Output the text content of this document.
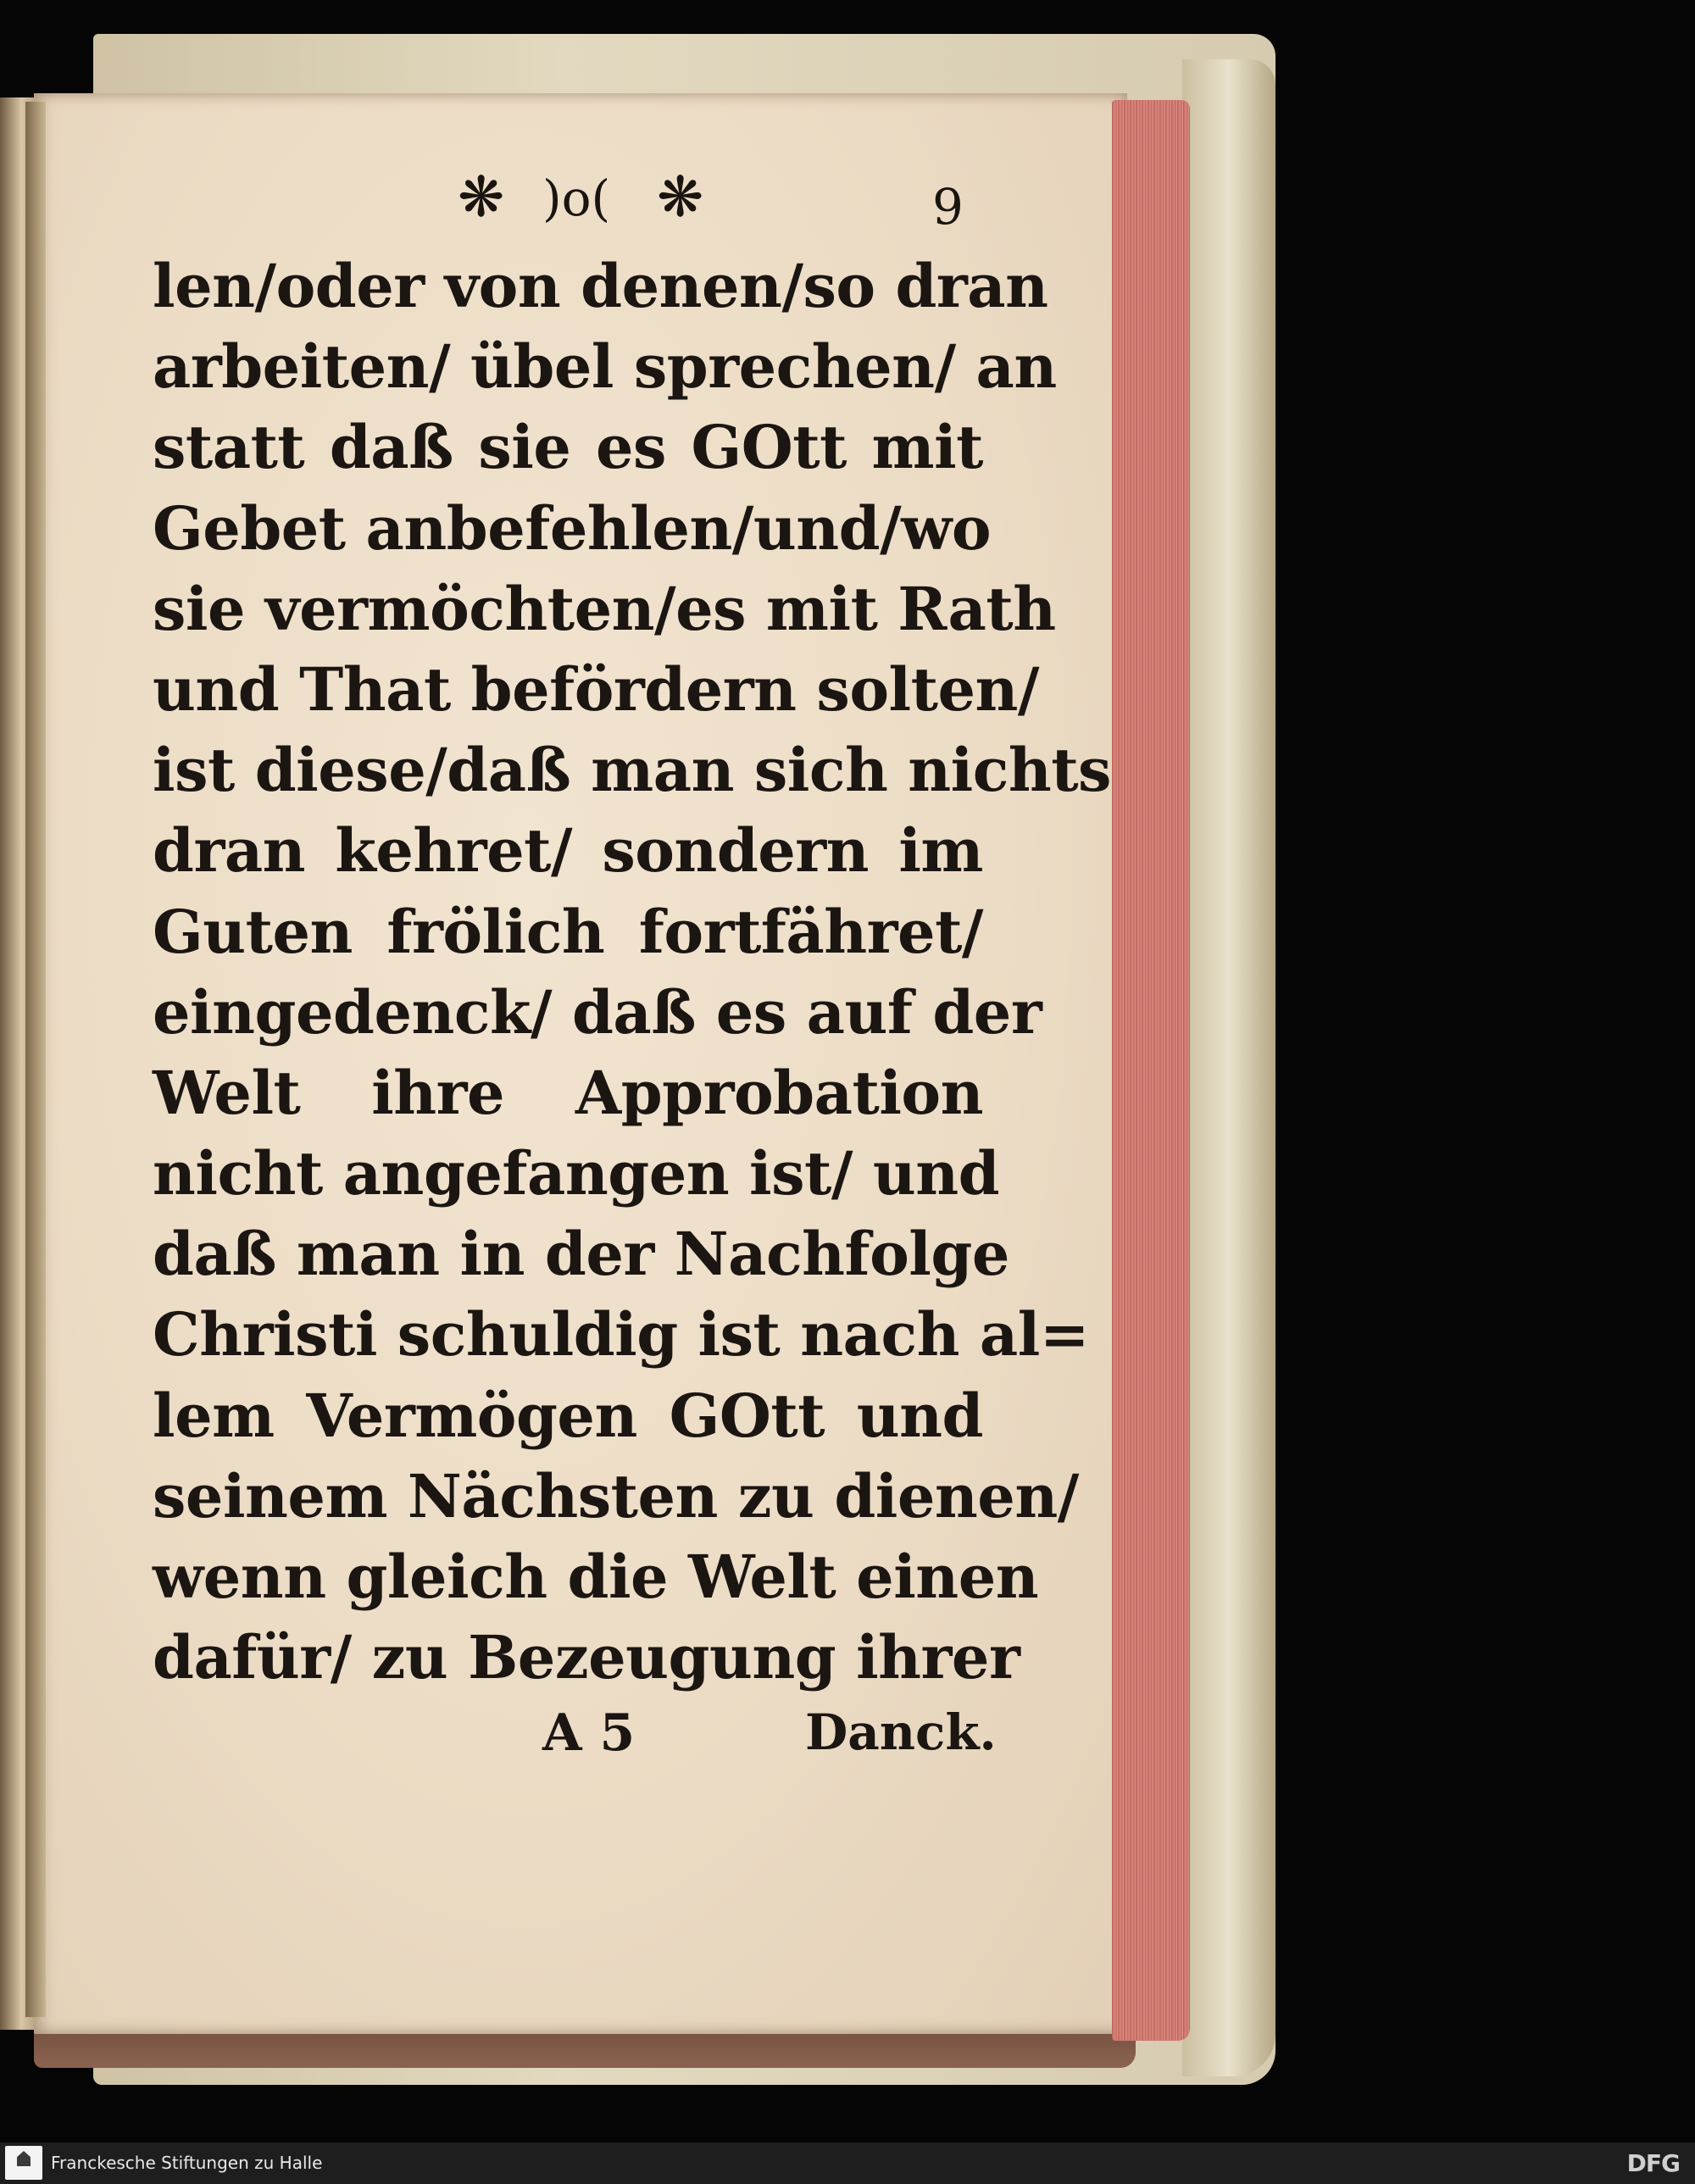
❋ )o( ❋	9
len/oder von denen/so dran
arbeiten/ übel sprechen/ an
statt daß sie es GOtt mit
Gebet anbefehlen/und/wo
sie vermöchten/es mit Rath
und That befördern solten/
ist diese/daß man sich nichts
dran kehret/ sondern im
Guten frölich fortfähret/
eingedenck/ daß es auf der
Welt ihre Approbation
nicht angefangen ist/ und
daß man in der Nachfolge
Christi schuldig ist nach al=
lem Vermögen GOtt und
seinem Nächsten zu dienen/
wenn gleich die Welt einen
dafür/ zu Bezeugung ihrer
A 5	Danck.
Franckesche Stiftungen zu Halle	DFG
